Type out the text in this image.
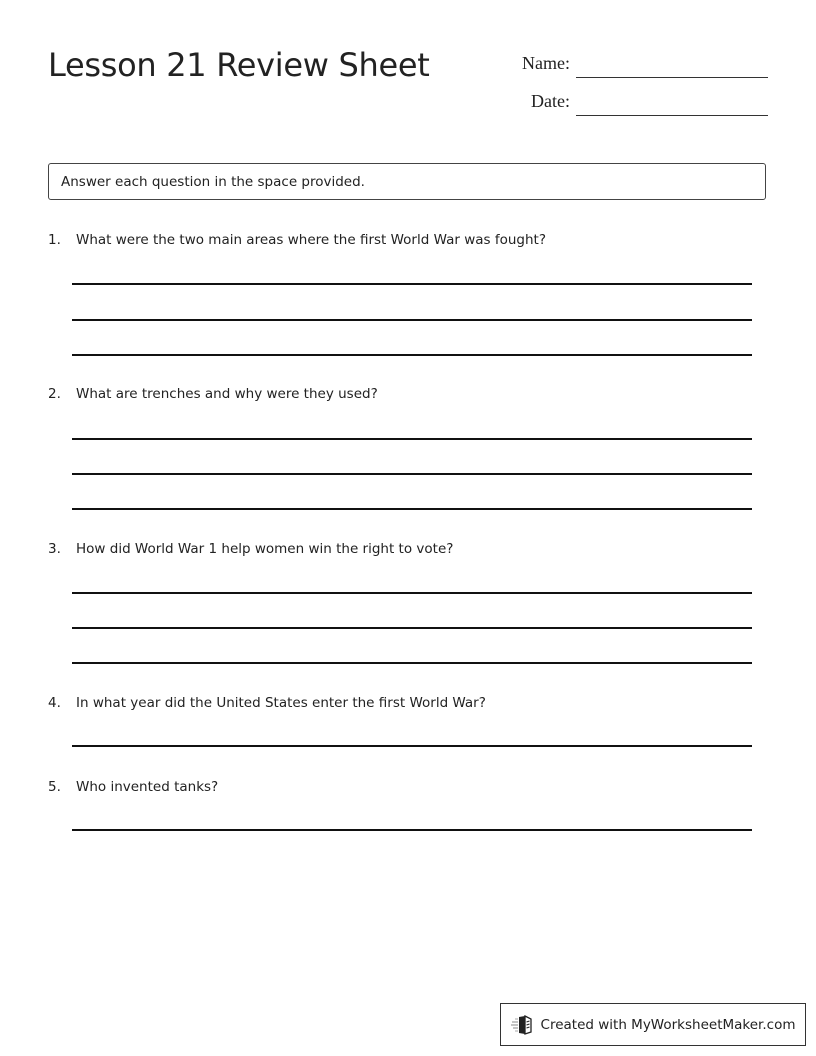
Lesson 21 Review Sheet	Name:
Date:
Answer each question in the space provided.
1.	What were the two main areas where the first World War was fought?
2.	What are trenches and why were they used?
3.	How did World War 1 help women win the right to vote?
4.	In what year did the United States enter the first World War?
5.	Who invented tanks?
Created with MyWorksheetMaker.com
